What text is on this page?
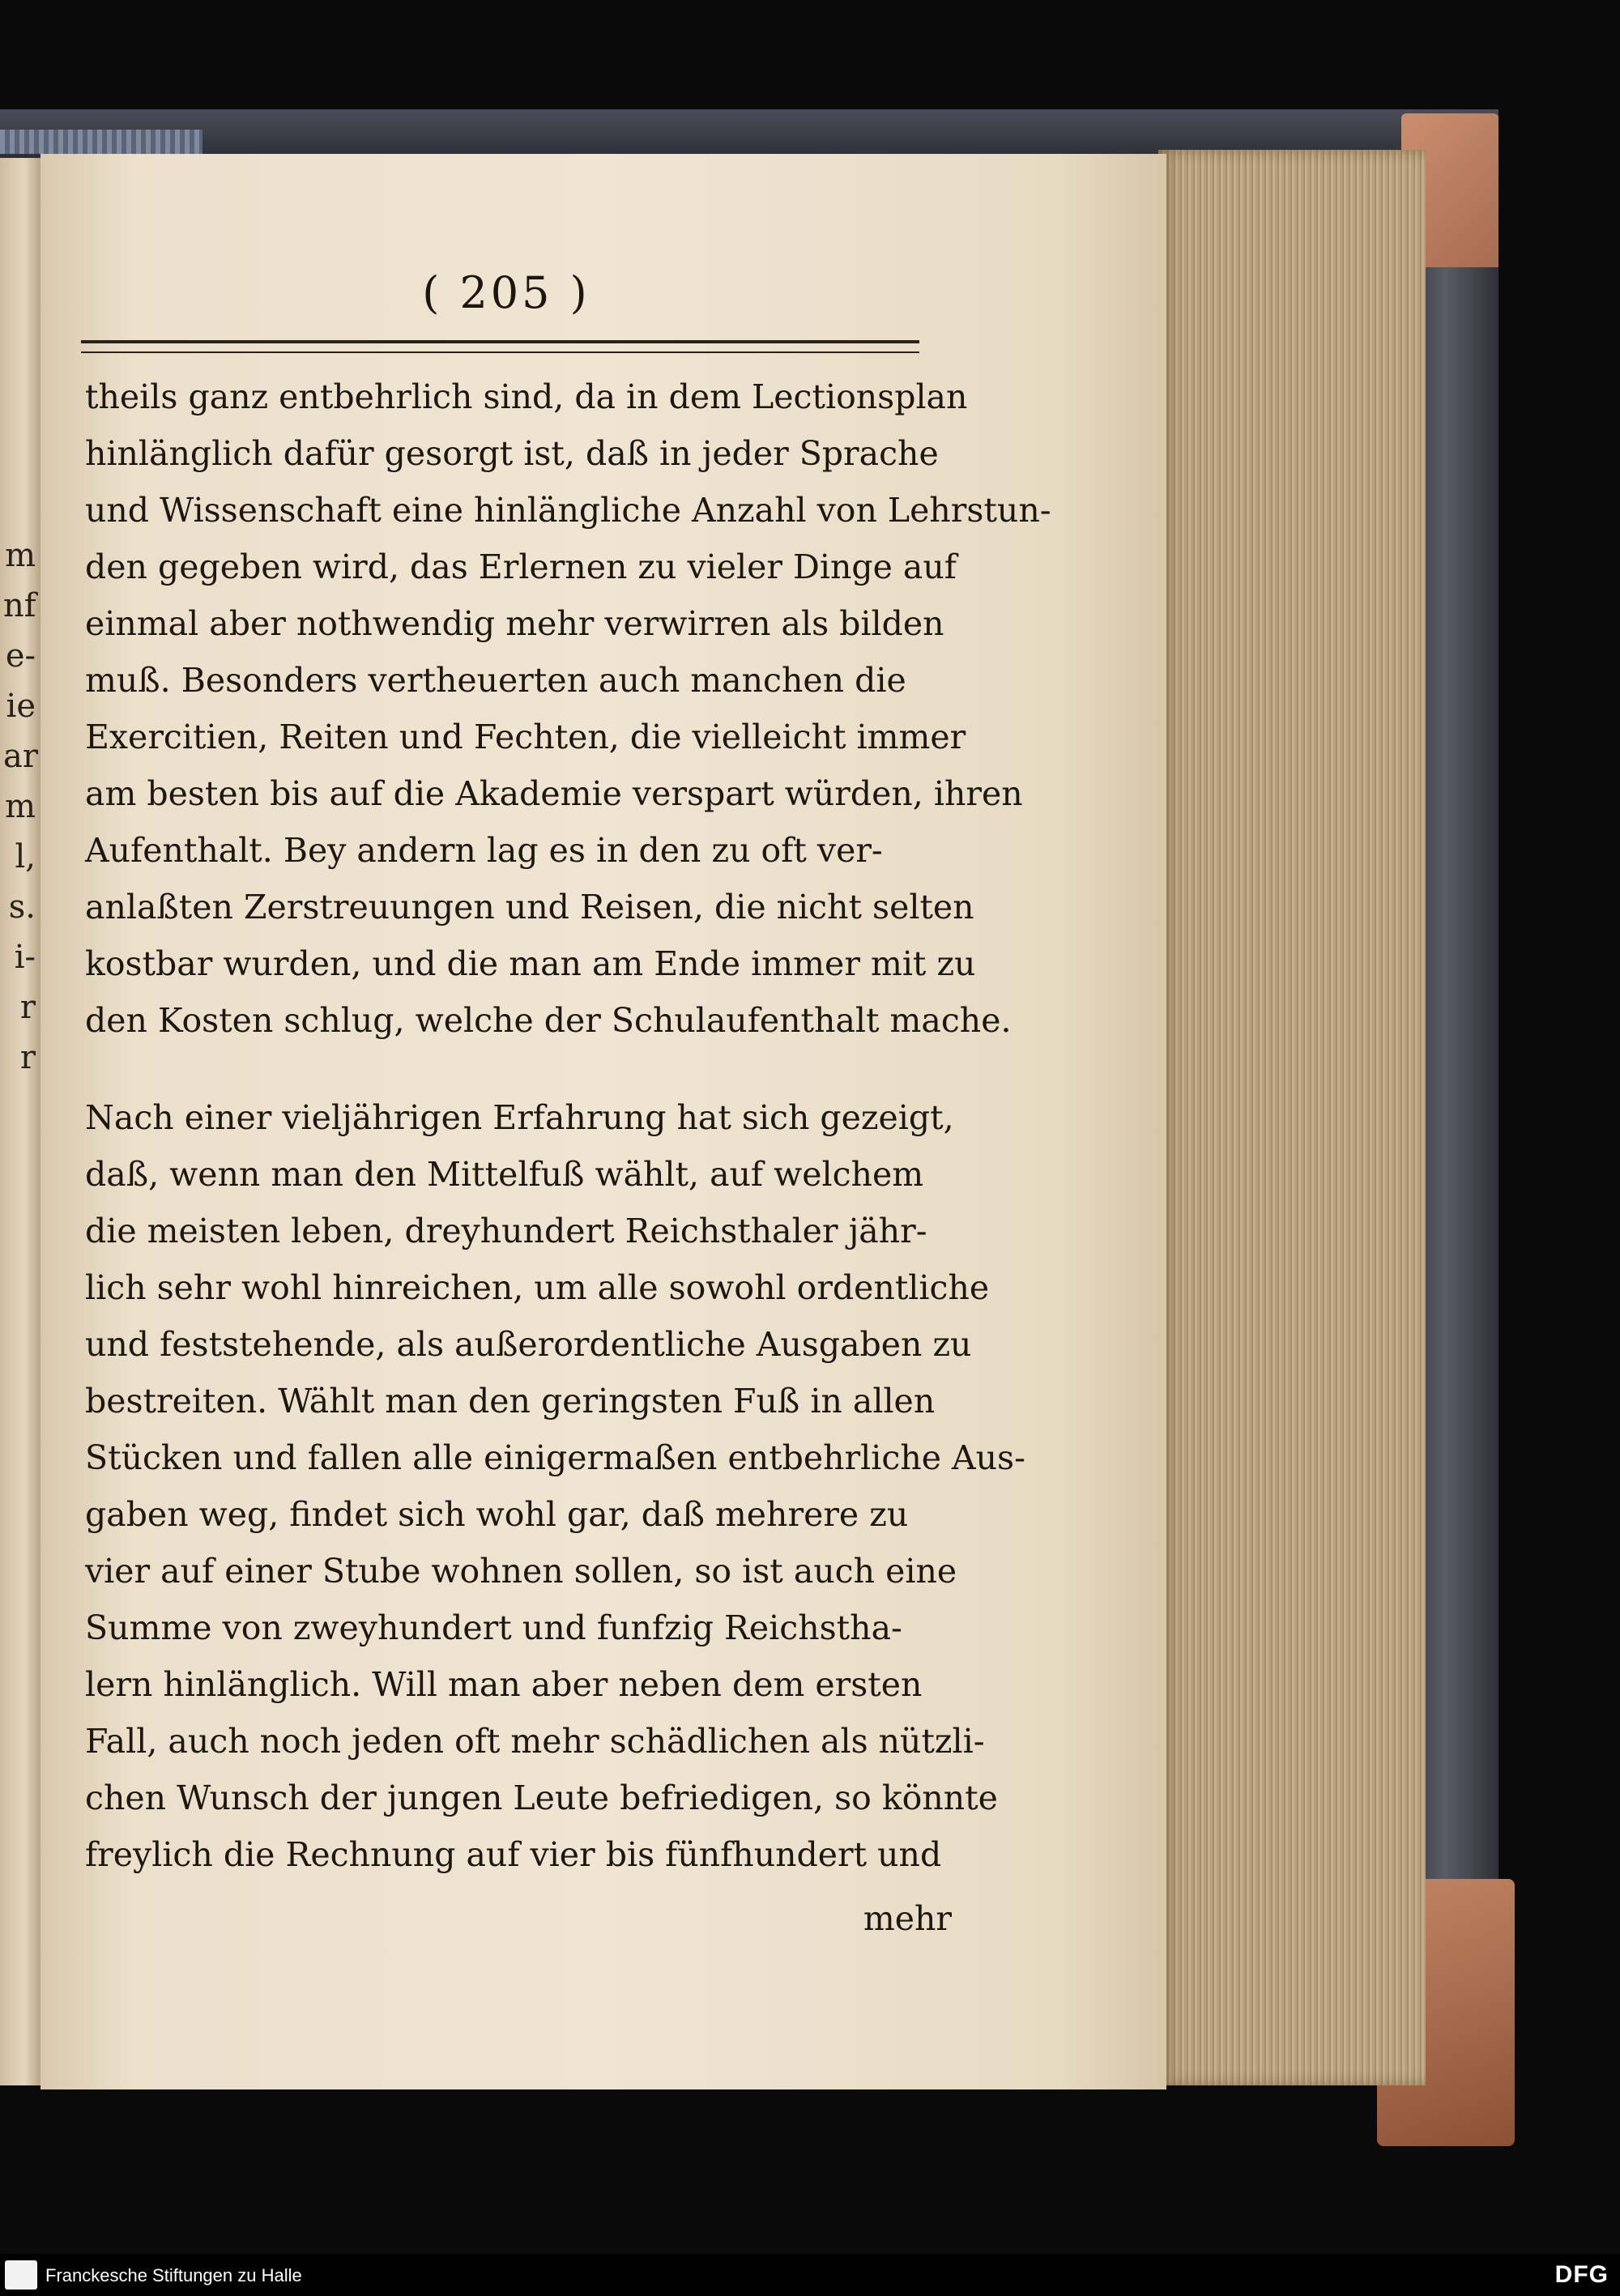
m
nf
e-
ie
ar
m
l,
s.
i-
r
r
( 205 )
theils ganz entbehrlich sind, da in dem Lectionsplan
hinlänglich dafür gesorgt ist, daß in jeder Sprache
und Wissenschaft eine hinlängliche Anzahl von Lehrstun-
den gegeben wird, das Erlernen zu vieler Dinge auf
einmal aber nothwendig mehr verwirren als bilden
muß. Besonders vertheuerten auch manchen die
Exercitien, Reiten und Fechten, die vielleicht immer
am besten bis auf die Akademie verspart würden, ihren
Aufenthalt. Bey andern lag es in den zu oft ver-
anlaßten Zerstreuungen und Reisen, die nicht selten
kostbar wurden, und die man am Ende immer mit zu
den Kosten schlug, welche der Schulaufenthalt mache.
Nach einer vieljährigen Erfahrung hat sich gezeigt,
daß, wenn man den Mittelfuß wählt, auf welchem
die meisten leben, dreyhundert Reichsthaler jähr-
lich sehr wohl hinreichen, um alle sowohl ordentliche
und feststehende, als außerordentliche Ausgaben zu
bestreiten. Wählt man den geringsten Fuß in allen
Stücken und fallen alle einigermaßen entbehrliche Aus-
gaben weg, findet sich wohl gar, daß mehrere zu
vier auf einer Stube wohnen sollen, so ist auch eine
Summe von zweyhundert und funfzig Reichstha-
lern hinlänglich. Will man aber neben dem ersten
Fall, auch noch jeden oft mehr schädlichen als nützli-
chen Wunsch der jungen Leute befriedigen, so könnte
freylich die Rechnung auf vier bis fünfhundert und
mehr
Franckesche Stiftungen zu Halle	DFG
